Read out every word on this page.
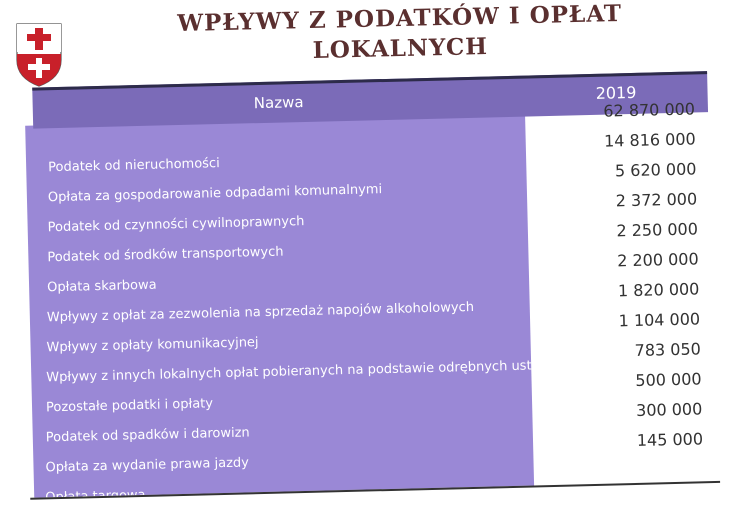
WPŁYWY Z PODATKÓW I OPŁAT
LOKALNYCH
Nazwa	2019
62 870 000
Podatek od nieruchomości
14 816 000
Opłata za gospodarowanie odpadami komunalnymi
5 620 000
Podatek od czynności cywilnoprawnych
2 372 000
Podatek od środków transportowych
2 250 000
Opłata skarbowa
2 200 000
Wpływy z opłat za zezwolenia na sprzedaż napojów alkoholowych
1 820 000
Wpływy z opłaty komunikacyjnej
1 104 000
Wpływy z innych lokalnych opłat pobieranych na podstawie odrębnych ustaw
783 050
Pozostałe podatki i opłaty
500 000
Podatek od spadków i darowizn
300 000
Opłata za wydanie prawa jazdy
145 000
